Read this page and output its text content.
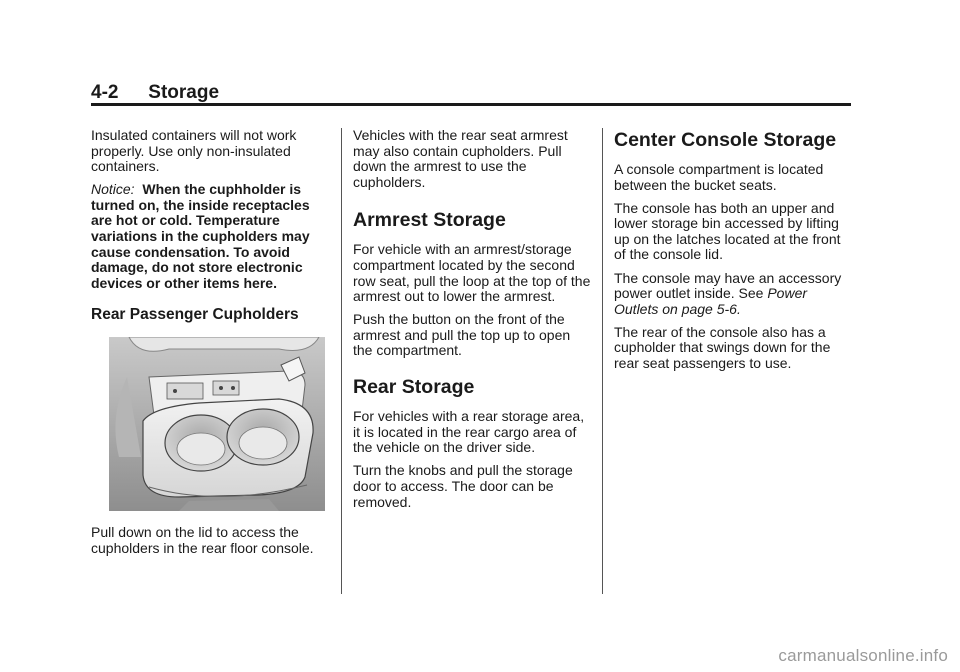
4-2 Storage

Insulated containers will not work properly. Use only non-insulated containers.

Notice: When the cuphholder is turned on, the inside receptacles are hot or cold. Temperature variations in the cupholders may cause condensation. To avoid damage, do not store electronic devices or other items here.

Rear Passenger Cupholders

Pull down on the lid to access the cupholders in the rear floor console.

Vehicles with the rear seat armrest may also contain cupholders. Pull down the armrest to use the cupholders.

Armrest Storage

For vehicle with an armrest/storage compartment located by the second row seat, pull the loop at the top of the armrest out to lower the armrest.

Push the button on the front of the armrest and pull the top up to open the compartment.

Rear Storage

For vehicles with a rear storage area, it is located in the rear cargo area of the vehicle on the driver side.

Turn the knobs and pull the storage door to access. The door can be removed.

Center Console Storage

A console compartment is located between the bucket seats.

The console has both an upper and lower storage bin accessed by lifting up on the latches located at the front of the console lid.

The console may have an accessory power outlet inside. See Power Outlets on page 5-6.

The rear of the console also has a cupholder that swings down for the rear seat passengers to use.

carmanualsonline.info
